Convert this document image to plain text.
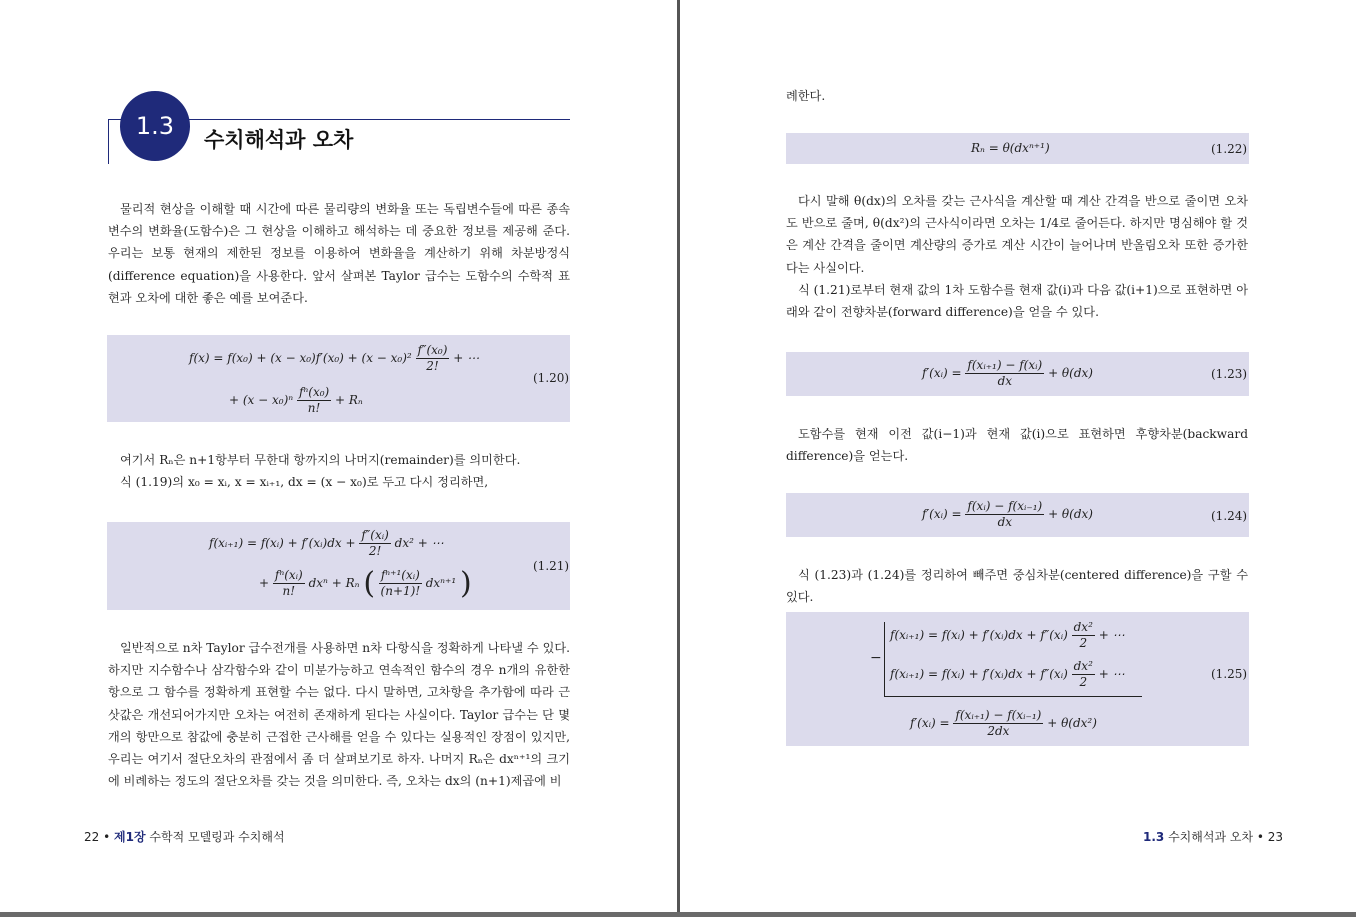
1.3 수치해석과 오차

물리적 현상을 이해할 때 시간에 따른 물리량의 변화율 또는 독립변수들에 따른 종속변수의 변화율(도함수)은 그 현상을 이해하고 해석하는 데 중요한 정보를 제공해 준다. 우리는 보통 현재의 제한된 정보를 이용하여 변화율을 계산하기 위해 차분방정식(difference equation)을 사용한다. 앞서 살펴본 Taylor 급수는 도함수의 수학적 표현과 오차에 대한 좋은 예를 보여준다.

$f(x) = f(x_0) + (x - x_0)f'(x_0) + (x - x_0)^2 \frac{\text{f″(x₀)}}{2!}$ + ⋯
+ $(x - x_0)^n \frac{\text{fⁿ(x₀)}}{n!} + R_n$
(1.20)

여기서 Rₙ은 n+1항부터 무한대 항까지의 나머지(remainder)를 의미한다.

식 (1.19)의 x₀ = xᵢ, x = xᵢ₊₁, dx = (x − x₀)로 두고 다시 정리하면,

f(xᵢ₊₁) = f(xᵢ) + f′(xᵢ)dx + $\frac{\text{f″(xᵢ)}}{2!} dx^2$ + ⋯
+ $\frac{\text{fⁿ(xᵢ)}}{n!}$ dxⁿ + Rₙ ( $\frac{\text{fⁿ⁺¹(xᵢ)}}{(n+1)!} dx^{n+1}$ )	(1.21)

일반적으로 n차 Taylor 급수전개를 사용하면 n차 다항식을 정확하게 나타낼 수 있다. 하지만 지수함수나 삼각함수와 같이 미분가능하고 연속적인 함수의 경우 n개의 유한한 항으로 그 함수를 정확하게 표현할 수는 없다. 다시 말하면, 고차항을 추가함에 따라 근삿값은 개선되어가지만 오차는 여전히 존재하게 된다는 사실이다. Taylor 급수는 단 몇 개의 항만으로 참값에 충분히 근접한 근사해를 얻을 수 있다는 실용적인 장점이 있지만, 우리는 여기서 절단오차의 관점에서 좀 더 살펴보기로 하자. 나머지 Rₙ은 dxⁿ⁺¹의 크기에 비례하는 정도의 절단오차를 갖는 것을 의미한다. 즉, 오차는 dx의 (n+1)제곱에 비

22 • 제1장 수학적 모델링과 수치해석

례한다.

Rₙ = θ(dxⁿ⁺¹)	(1.22)

다시 말해 θ(dx)의 오차를 갖는 근사식을 계산할 때 계산 간격을 반으로 줄이면 오차도 반으로 줄며, θ(dx²)의 근사식이라면 오차는 1/4로 줄어든다. 하지만 명심해야 할 것은 계산 간격을 줄이면 계산량의 증가로 계산 시간이 늘어나며 반올림오차 또한 증가한다는 사실이다.

식 (1.21)로부터 현재 값의 1차 도함수를 현재 값(i)과 다음 값(i+1)으로 표현하면 아래와 같이 전향차분(forward difference)을 얻을 수 있다.

f′(xᵢ) = $\frac{\text{f(xᵢ₊₁) − f(xᵢ)}}{dx} + \theta(dx)$	(1.23)

도함수를 현재 이전 값(i−1)과 현재 값(i)으로 표현하면 후향차분(backward difference)을 얻는다.

f′(xᵢ) = $\frac{\text{f(xᵢ) − f(xᵢ₋₁)}}{dx} + \theta(dx)$	(1.24)

식 (1.23)과 (1.24)를 정리하여 빼주면 중심차분(centered difference)을 구할 수 있다.

−
f(xᵢ₊₁) = f(xᵢ) + f′(xᵢ)dx + f″(xᵢ) $\frac{\text{dx²}}{2}$ + ⋯
f(xᵢ₊₁) = f(xᵢ) + f′(xᵢ)dx + f″(xᵢ) $\frac{\text{dx²}}{2}$ + ⋯
f′(xᵢ) = $\frac{\text{f(xᵢ₊₁) − f(xᵢ₋₁)}}{2dx} + \theta(dx^2)$
(1.25)
1.3 수치해석과 오차 • 23
